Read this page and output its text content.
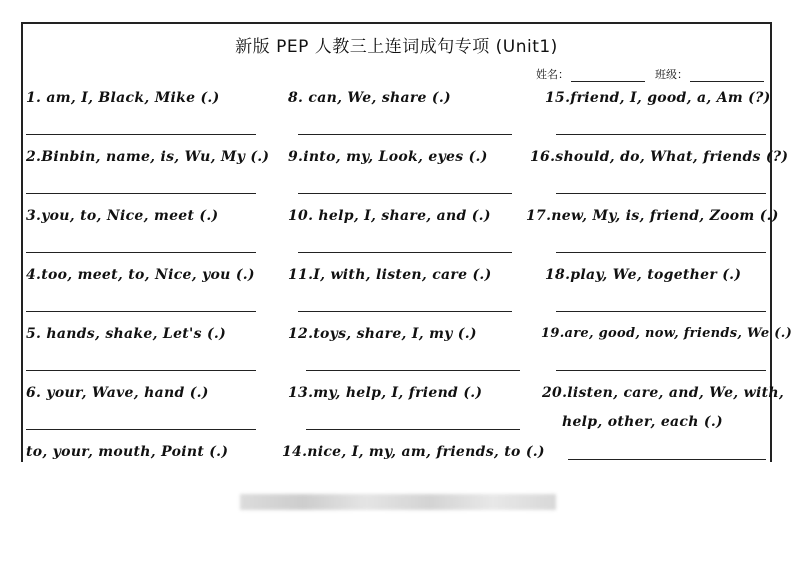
新版 PEP 人教三上连词成句专项 (Unit1)
姓名：	班级：
1. am, I, Black, Mike (.)
2.Binbin, name, is, Wu, My (.)
3.you, to, Nice, meet (.)
4.too, meet, to, Nice, you (.)
5. hands, shake, Let's (.)
6. your, Wave, hand (.)
to, your, mouth, Point (.)
8. can, We, share (.)
9.into, my, Look, eyes (.)
10. help, I, share, and (.)
11.I, with, listen, care (.)
12.toys, share, I, my (.)
13.my, help, I, friend (.)
14.nice, I, my, am, friends, to (.)
15.friend, I, good, a, Am (?)
16.should, do, What, friends (?)
17.new, My, is, friend, Zoom (.)
18.play, We, together (.)
19.are, good, now, friends, We (.)
20.listen, care, and, We, with,
help, other, each (.)
